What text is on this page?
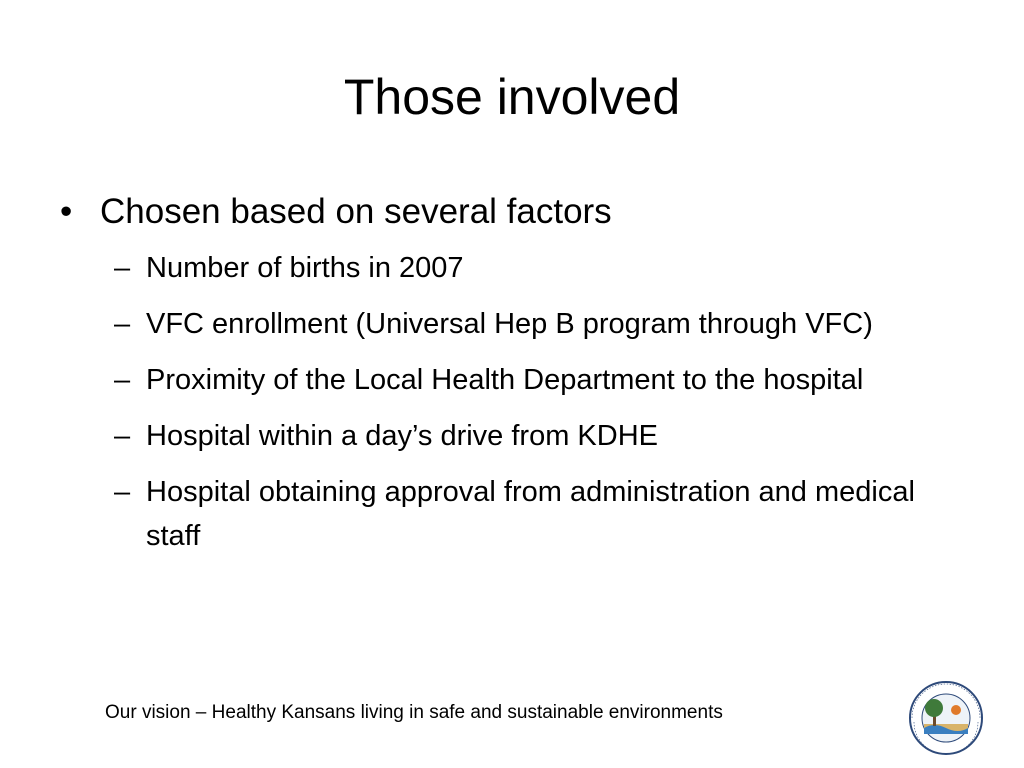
Those involved
• Chosen based on several factors
– Number of births in 2007
– VFC enrollment (Universal Hep B program through VFC)
– Proximity of the Local Health Department to the hospital
– Hospital within a day’s drive from KDHE
– Hospital obtaining approval from administration and medical staff

Our vision – Healthy Kansans living in safe and sustainable environments
